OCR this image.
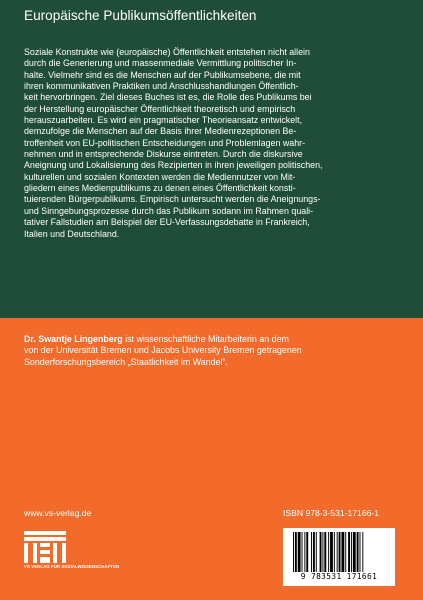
Europäische Publikumsöffentlichkeiten
Soziale Konstrukte wie (europäische) Öffentlichkeit entstehen nicht allein
durch die Generierung und massenmediale Vermittlung politischer In-
halte. Vielmehr sind es die Menschen auf der Publikumsebene, die mit
ihren kommunikativen Praktiken und Anschlusshandlungen Öffentlich-
keit hervorbringen. Ziel dieses Buches ist es, die Rolle des Publikums bei
der Herstellung europäischer Öffentlichkeit theoretisch und empirisch
herauszuarbeiten. Es wird ein pragmatischer Theorieansatz entwickelt,
demzufolge die Menschen auf der Basis ihrer Medienrezeptionen Be-
troffenheit von EU-politischen Entscheidungen und Problemlagen wahr-
nehmen und in entsprechende Diskurse eintreten. Durch die diskursive
Aneignung und Lokalisierung des Rezipierten in ihren jeweiligen politischen,
kulturellen und sozialen Kontexten werden die Mediennutzer von Mit-
gliedern eines Medienpublikums zu denen eines Öffentlichkeit konsti-
tuierenden Bürgerpublikums. Empirisch untersucht werden die Aneignungs-
und Sinngebungsprozesse durch das Publikum sodann im Rahmen quali-
tativer Fallstudien am Beispiel der EU-Verfassungsdebatte in Frankreich,
Italien und Deutschland.
Dr. Swantje Lingenberg ist wissenschaftliche Mitarbeiterin an dem
von der Universität Bremen und Jacobs University Bremen getragenen
Sonderforschungsbereich „Staatlichkeit im Wandel“.
www.vs-verlag.de	ISBN 978-3-531-17166-1
VS VERLAG FÜR SOZIALWISSENSCHAFTEN
9 783531 171661
